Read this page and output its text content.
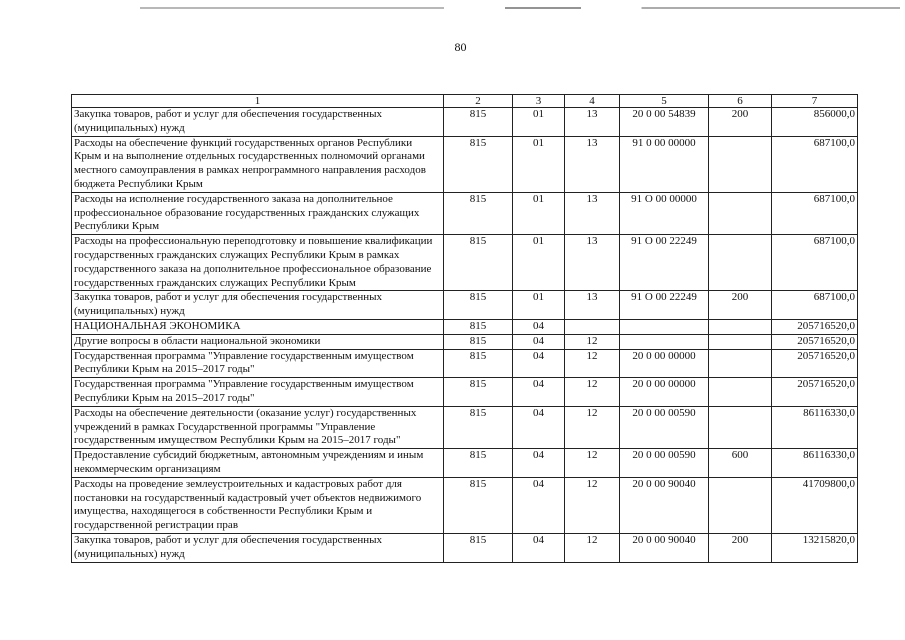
80
1	2	3	4	5	6	7
Закупка товаров, работ и услуг для обеспечения государственных (муниципальных) нужд	815	01	13	20 0 00 54839	200	856000,0
Расходы на обеспечение функций государственных органов Республики Крым и на выполнение отдельных государственных полномочий органами местного самоуправления в рамках непрограммного направления расходов бюджета Республики Крым	815	01	13	91 0 00 00000		687100,0
Расходы на исполнение государственного заказа на дополнительное профессиональное образование государственных гражданских служащих Республики Крым	815	01	13	91 О 00 00000		687100,0
Расходы на профессиональную переподготовку и повышение квалификации государственных гражданских служащих Республики Крым в рамках государственного заказа на дополнительное профессиональное образование государственных гражданских служащих Республики Крым	815	01	13	91 О 00 22249		687100,0
Закупка товаров, работ и услуг для обеспечения государственных (муниципальных) нужд	815	01	13	91 О 00 22249	200	687100,0
НАЦИОНАЛЬНАЯ ЭКОНОМИКА	815	04				205716520,0
Другие вопросы в области национальной экономики	815	04	12			205716520,0
Государственная программа "Управление государственным имуществом Республики Крым на 2015–2017 годы"	815	04	12	20 0 00 00000		205716520,0
Государственная программа "Управление государственным имуществом Республики Крым на 2015–2017 годы"	815	04	12	20 0 00 00000		205716520,0
Расходы на обеспечение деятельности (оказание услуг) государственных учреждений в рамках Государственной программы "Управление государственным имуществом Республики Крым на 2015–2017 годы"	815	04	12	20 0 00 00590		86116330,0
Предоставление субсидий бюджетным, автономным учреждениям и иным некоммерческим организациям	815	04	12	20 0 00 00590	600	86116330,0
Расходы на проведение землеустроительных и кадастровых работ для постановки на государственный кадастровый учет объектов недвижимого имущества, находящегося в собственности Республики Крым и государственной регистрации прав	815	04	12	20 0 00 90040		41709800,0
Закупка товаров, работ и услуг для обеспечения государственных (муниципальных) нужд	815	04	12	20 0 00 90040	200	13215820,0
